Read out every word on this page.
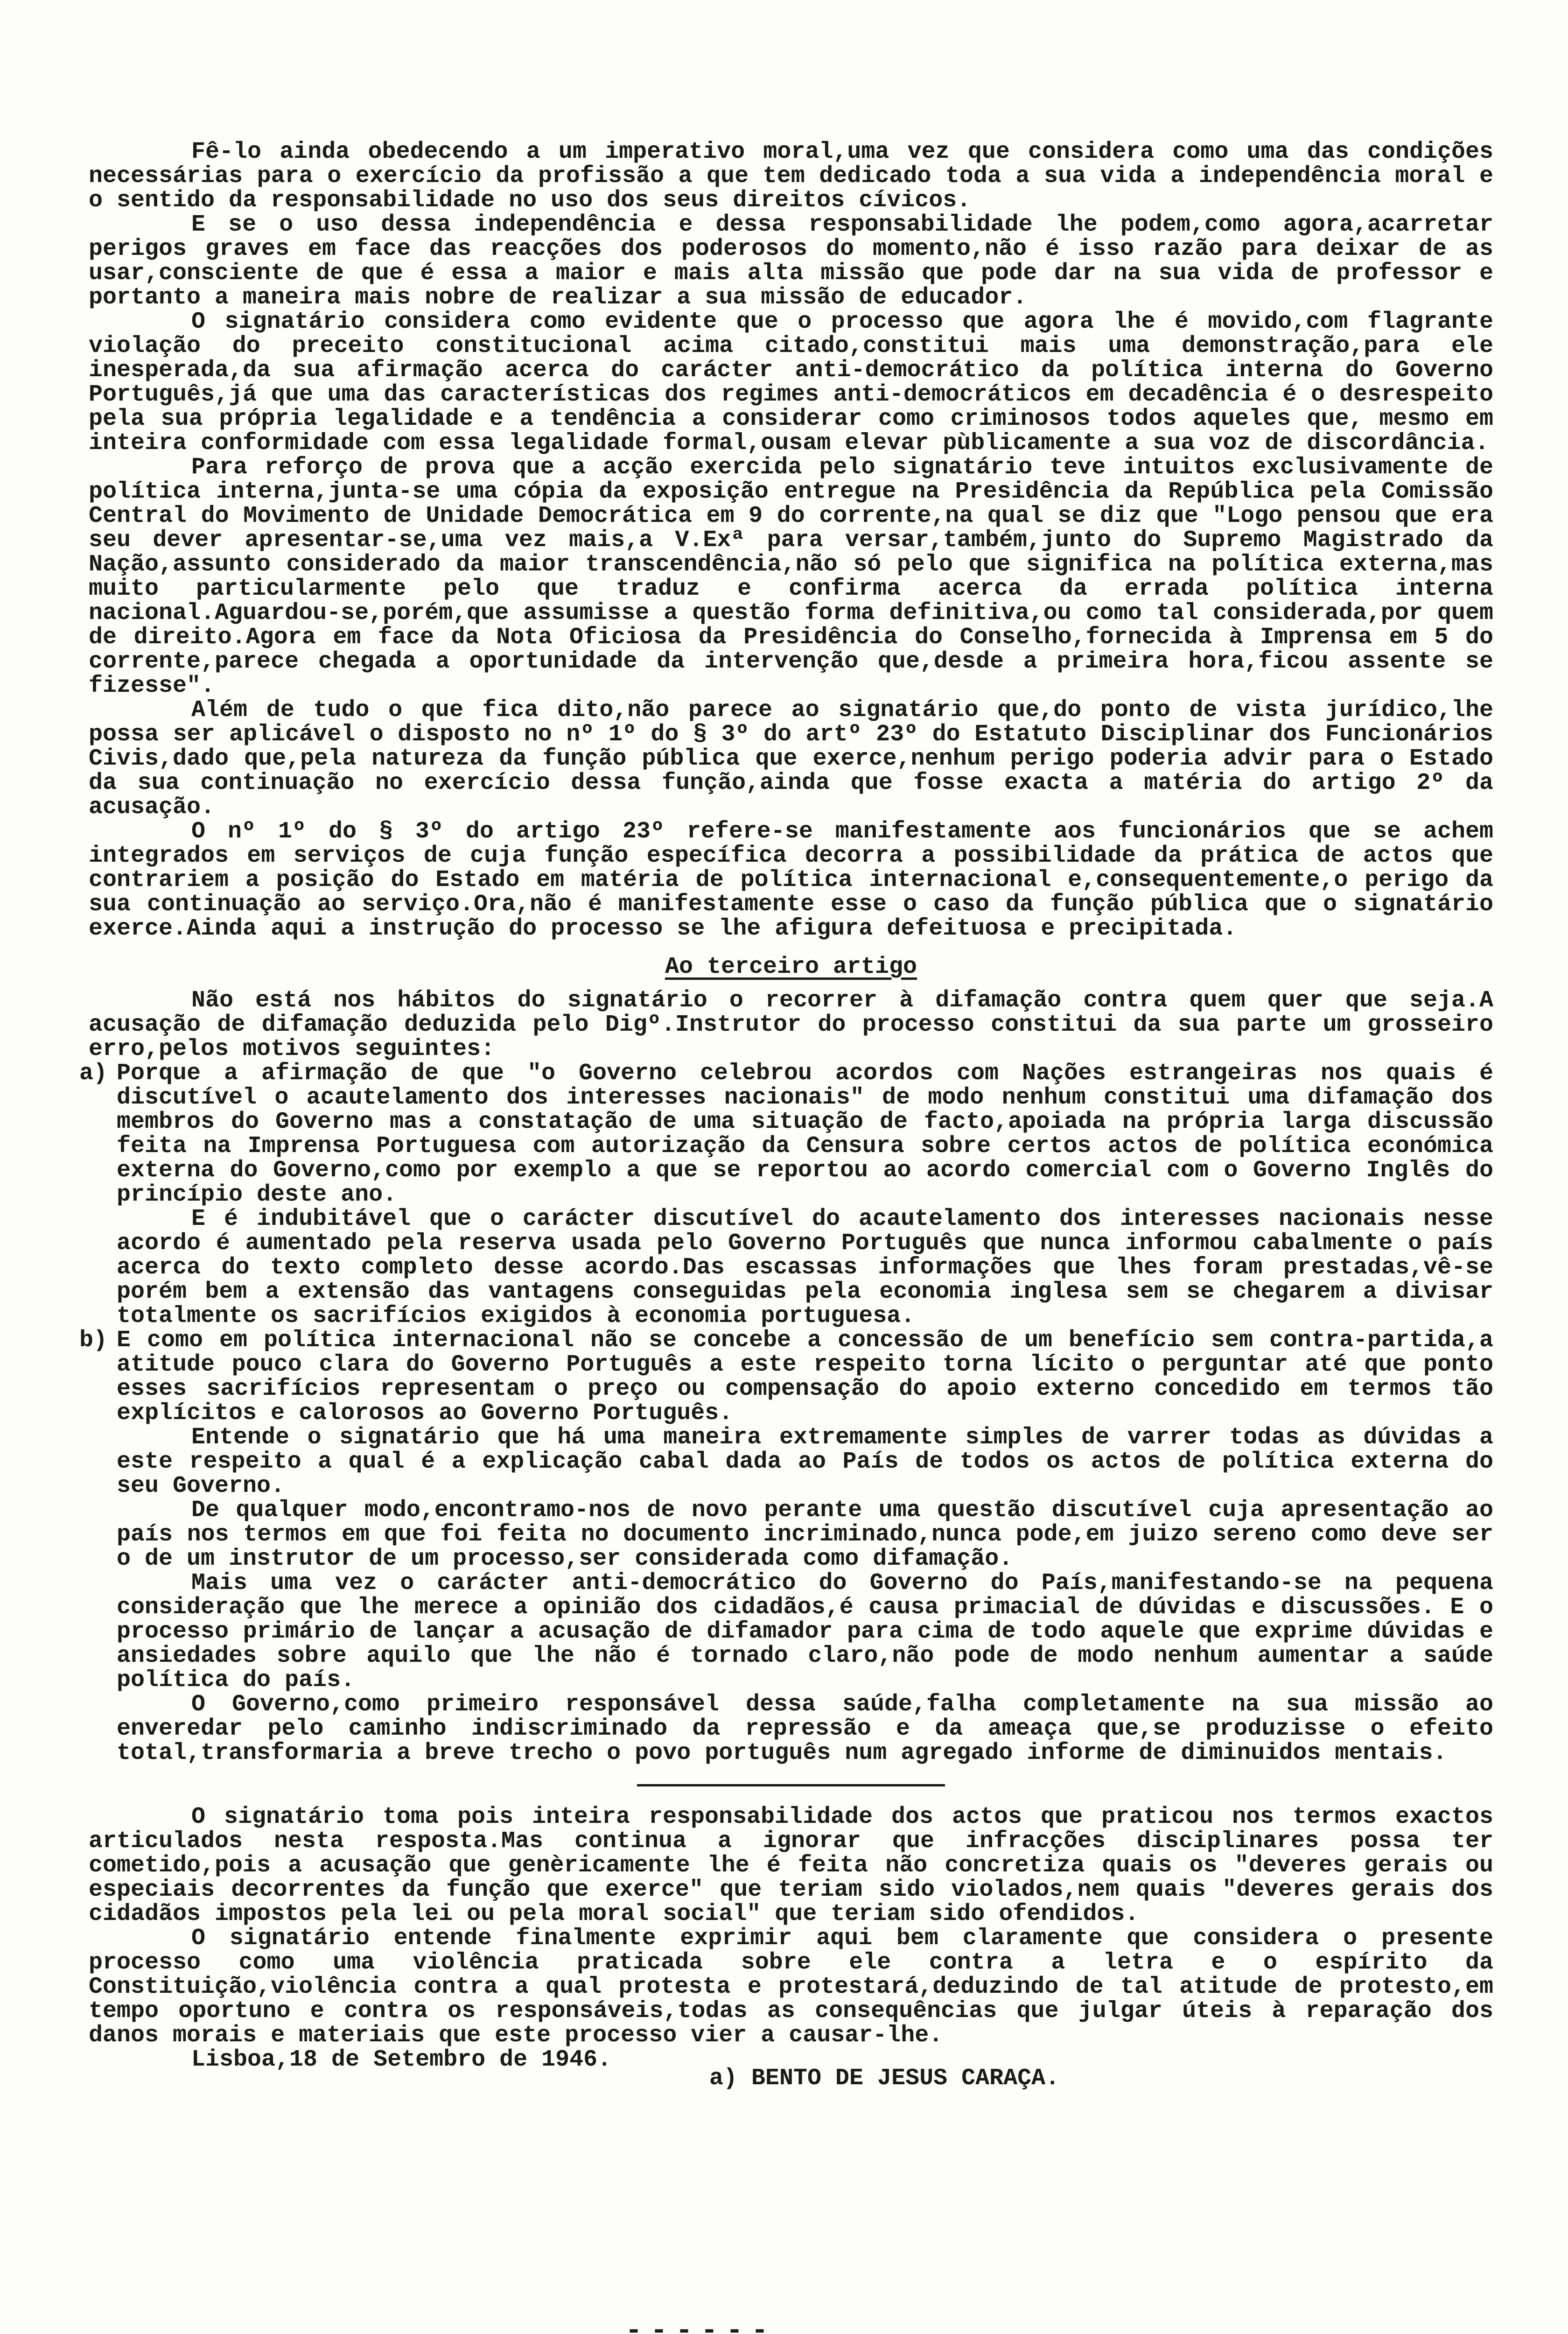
Fê-lo ainda obedecendo a um imperativo moral,uma vez que considera como uma das condições necessárias para o exercício da profissão a que tem dedicado toda a sua vida a independência moral e o sentido da responsabilidade no uso dos seus direitos cívicos.

E se o uso dessa independência e dessa responsabilidade lhe podem,como agora,acarretar perigos graves em face das reacções dos poderosos do momento,não é isso razão para deixar de as usar,consciente de que é essa a maior e mais alta missão que pode dar na sua vida de professor e portanto a maneira mais nobre de realizar a sua missão de educador.

O signatário considera como evidente que o processo que agora lhe é movido,com flagrante violação do preceito constitucional acima citado,constitui mais uma demonstração,para ele inesperada,da sua afirmação acerca do carácter anti-democrático da política interna do Governo Português,já que uma das características dos regimes anti-democráticos em decadência é o desrespeito pela sua própria legalidade e a tendência a considerar como criminosos todos aqueles que, mesmo em inteira conformidade com essa legalidade formal,ousam elevar pùblicamente a sua voz de discordância.

Para reforço de prova que a acção exercida pelo signatário teve intuitos exclusivamente de política interna,junta-se uma cópia da exposição entregue na Presidência da República pela Comissão Central do Movimento de Unidade Democrática em 9 do corrente,na qual se diz que "Logo pensou que era seu dever apresentar-se,uma vez mais,a V.Exª para versar,também,junto do Supremo Magistrado da Nação,assunto considerado da maior transcendência,não só pelo que significa na política externa,mas muito particularmente pelo que traduz e confirma acerca da errada política interna nacional.Aguardou-se,porém,que assumisse a questão forma definitiva,ou como tal considerada,por quem de direito.Agora em face da Nota Oficiosa da Presidência do Conselho,fornecida à Imprensa em 5 do corrente,parece chegada a oportunidade da intervenção que,desde a primeira hora,ficou assente se fizesse".

Além de tudo o que fica dito,não parece ao signatário que,do ponto de vista jurídico,lhe possa ser aplicável o disposto no nº 1º do § 3º do artº 23º do Estatuto Disciplinar dos Funcionários Civis,dado que,pela natureza da função pública que exerce,nenhum perigo poderia advir para o Estado da sua continuação no exercício dessa função,ainda que fosse exacta a matéria do artigo 2º da acusação.

O nº 1º do § 3º do artigo 23º refere-se manifestamente aos funcionários que se achem integrados em serviços de cuja função específica decorra a possibilidade da prática de actos que contrariem a posição do Estado em matéria de política internacional e,consequentemente,o perigo da sua continuação ao serviço.Ora,não é manifestamente esse o caso da função pública que o signatário exerce.Ainda aqui a instrução do processo se lhe afigura defeituosa e precipitada.

Ao terceiro artigo

Não está nos hábitos do signatário o recorrer à difamação contra quem quer que seja.A acusação de difamação deduzida pelo Digº.Instrutor do processo constitui da sua parte um grosseiro erro,pelos motivos seguintes:

a) Porque a afirmação de que "o Governo celebrou acordos com Nações estrangeiras nos quais é discutível o acautelamento dos interesses nacionais" de modo nenhum constitui uma difamação dos membros do Governo mas a constatação de uma situação de facto,apoiada na própria larga discussão feita na Imprensa Portuguesa com autorização da Censura sobre certos actos de política económica externa do Governo,como por exemplo a que se reportou ao acordo comercial com o Governo Inglês do princípio deste ano.

E é indubitável que o carácter discutível do acautelamento dos interesses nacionais nesse acordo é aumentado pela reserva usada pelo Governo Português que nunca informou cabalmente o país acerca do texto completo desse acordo.Das escassas informações que lhes foram prestadas,vê-se porém bem a extensão das vantagens conseguidas pela economia inglesa sem se chegarem a divisar totalmente os sacrifícios exigidos à economia portuguesa.

b) E como em política internacional não se concebe a concessão de um benefício sem contra-partida,a atitude pouco clara do Governo Português a este respeito torna lícito o perguntar até que ponto esses sacrifícios representam o preço ou compensação do apoio externo concedido em termos tão explícitos e calorosos ao Governo Português.

Entende o signatário que há uma maneira extremamente simples de varrer todas as dúvidas a este respeito a qual é a explicação cabal dada ao País de todos os actos de política externa do seu Governo.

De qualquer modo,encontramo-nos de novo perante uma questão discutível cuja apresentação ao país nos termos em que foi feita no documento incriminado,nunca pode,em juizo sereno como deve ser o de um instrutor de um processo,ser considerada como difamação.

Mais uma vez o carácter anti-democrático do Governo do País,manifestando-se na pequena consideração que lhe merece a opinião dos cidadãos,é causa primacial de dúvidas e discussões. E o processo primário de lançar a acusação de difamador para cima de todo aquele que exprime dúvidas e ansiedades sobre aquilo que lhe não é tornado claro,não pode de modo nenhum aumentar a saúde política do país.

O Governo,como primeiro responsável dessa saúde,falha completamente na sua missão ao enveredar pelo caminho indiscriminado da repressão e da ameaça que,se produzisse o efeito total,transformaria a breve trecho o povo português num agregado informe de diminuidos mentais.

O signatário toma pois inteira responsabilidade dos actos que praticou nos termos exactos articulados nesta resposta.Mas continua a ignorar que infracções disciplinares possa ter cometido,pois a acusação que genèricamente lhe é feita não concretiza quais os "deveres gerais ou especiais decorrentes da função que exerce" que teriam sido violados,nem quais "deveres gerais dos cidadãos impostos pela lei ou pela moral social" que teriam sido ofendidos.

O signatário entende finalmente exprimir aqui bem claramente que considera o presente processo como uma violência praticada sobre ele contra a letra e o espírito da Constituição,violência contra a qual protesta e protestará,deduzindo de tal atitude de protesto,em tempo oportuno e contra os responsáveis,todas as consequências que julgar úteis à reparação dos danos morais e materiais que este processo vier a causar-lhe.

Lisboa,18 de Setembro de 1946.
a) BENTO DE JESUS CARAÇA.
------
